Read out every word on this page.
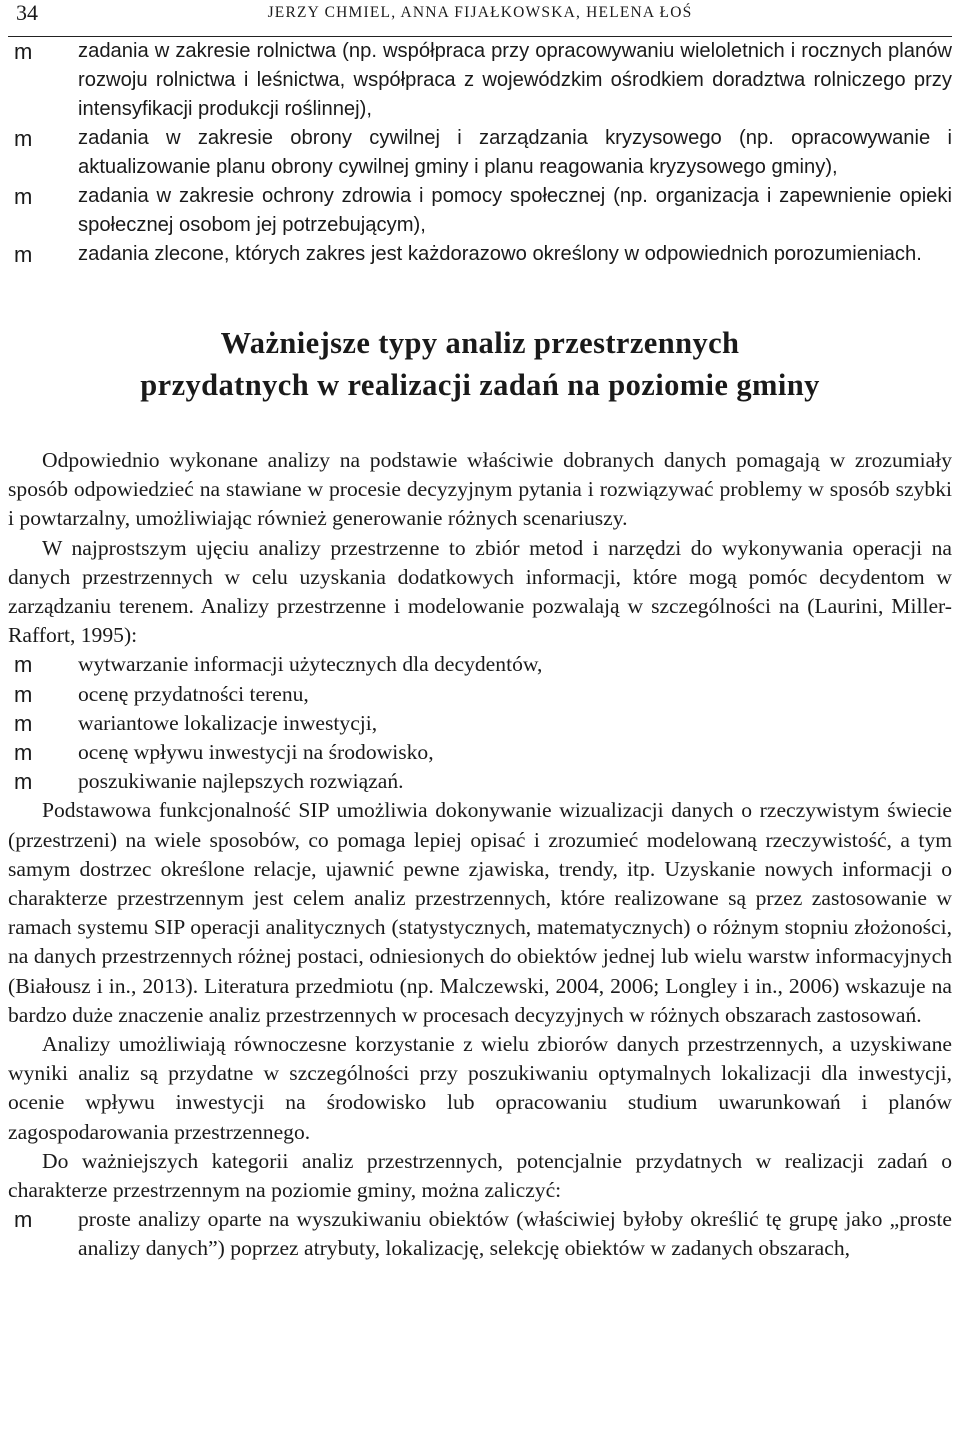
34	JERZY CHMIEL, ANNA FIJAŁKOWSKA, HELENA ŁOŚ
m zadania w zakresie rolnictwa (np. współpraca przy opracowywaniu wieloletnich i rocznych planów rozwoju rolnictwa i leśnictwa, współpraca z wojewódzkim ośrodkiem doradztwa rolniczego przy intensyfikacji produkcji roślinnej),
m zadania w zakresie obrony cywilnej i zarządzania kryzysowego (np. opracowywanie i aktualizowanie planu obrony cywilnej gminy i planu reagowania kryzysowego gminy),
m zadania w zakresie ochrony zdrowia i pomocy społecznej (np. organizacja i zapewnienie opieki społecznej osobom jej potrzebującym),
m zadania zlecone, których zakres jest każdorazowo określony w odpowiednich porozumieniach.
Ważniejsze typy analiz przestrzennych
przydatnych w realizacji zadań na poziomie gminy

Odpowiednio wykonane analizy na podstawie właściwie dobranych danych pomagają w zrozumiały sposób odpowiedzieć na stawiane w procesie decyzyjnym pytania i rozwiązywać problemy w sposób szybki i powtarzalny, umożliwiając również generowanie różnych scenariuszy.

W najprostszym ujęciu analizy przestrzenne to zbiór metod i narzędzi do wykonywania operacji na danych przestrzennych w celu uzyskania dodatkowych informacji, które mogą pomóc decydentom w zarządzaniu terenem. Analizy przestrzenne i modelowanie pozwalają w szczególności na (Laurini, Miller-Raffort, 1995):

m wytwarzanie informacji użytecznych dla decydentów,
m ocenę przydatności terenu,
m wariantowe lokalizacje inwestycji,
m ocenę wpływu inwestycji na środowisko,
m poszukiwanie najlepszych rozwiązań.

Podstawowa funkcjonalność SIP umożliwia dokonywanie wizualizacji danych o rzeczywistym świecie (przestrzeni) na wiele sposobów, co pomaga lepiej opisać i zrozumieć modelowaną rzeczywistość, a tym samym dostrzec określone relacje, ujawnić pewne zjawiska, trendy, itp. Uzyskanie nowych informacji o charakterze przestrzennym jest celem analiz przestrzennych, które realizowane są przez zastosowanie w ramach systemu SIP operacji analitycznych (statystycznych, matematycznych) o różnym stopniu złożoności, na danych przestrzennych różnej postaci, odniesionych do obiektów jednej lub wielu warstw informacyjnych (Białousz i in., 2013). Literatura przedmiotu (np. Malczewski, 2004, 2006; Longley i in., 2006) wskazuje na bardzo duże znaczenie analiz przestrzennych w procesach decyzyjnych w różnych obszarach zastosowań.

Analizy umożliwiają równoczesne korzystanie z wielu zbiorów danych przestrzennych, a uzyskiwane wyniki analiz są przydatne w szczególności przy poszukiwaniu optymalnych lokalizacji dla inwestycji, ocenie wpływu inwestycji na środowisko lub opracowaniu studium uwarunkowań i planów zagospodarowania przestrzennego.

Do ważniejszych kategorii analiz przestrzennych, potencjalnie przydatnych w realizacji zadań o charakterze przestrzennym na poziomie gminy, można zaliczyć:

m proste analizy oparte na wyszukiwaniu obiektów (właściwiej byłoby określić tę grupę jako „proste analizy danych”) poprzez atrybuty, lokalizację, selekcję obiektów w zadanych obszarach,
